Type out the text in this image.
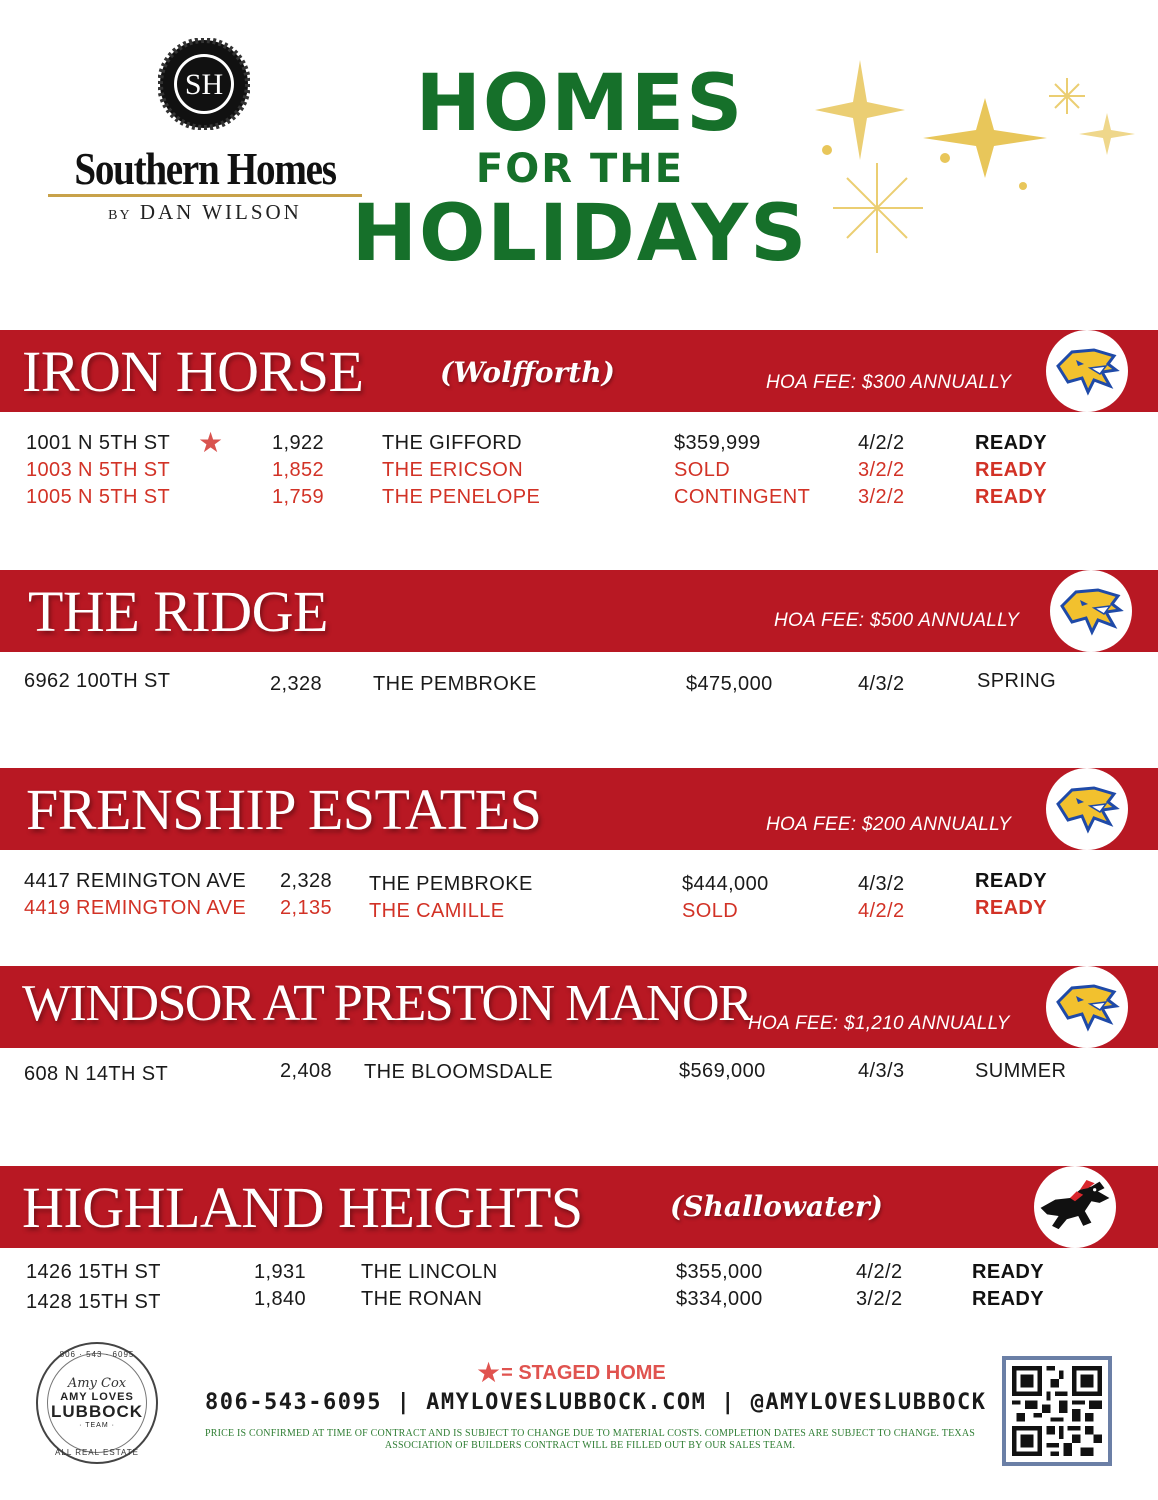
SH
Southern Homes
BY DAN WILSON
HOMES
FOR THE
HOLIDAYS
IRON HORSE	(Wolfforth)	HOA FEE: $300 ANNUALLY
1001 N 5TH ST ★ 1,922	THE GIFFORD	$359,999	4/2/2	READY
1003 N 5TH ST	1,852	THE ERICSON	SOLD	3/2/2	READY
1005 N 5TH ST	1,759	THE PENELOPE	CONTINGENT 3/2/2	READY
THE RIDGE	HOA FEE: $500 ANNUALLY
6962 100TH ST	2,328	THE PEMBROKE	$475,000	4/3/2	SPRING
FRENSHIP ESTATES	HOA FEE: $200 ANNUALLY
4417 REMINGTON AVE 2,328 THE PEMBROKE	$444,000	4/3/2	READY
4419 REMINGTON AVE 2,135 THE CAMILLE	SOLD	4/2/2	READY
WINDSOR AT PRESTON MANOR
HOA FEE: $1,210 ANNUALLY
608 N 14TH ST	2,408 THE BLOOMSDALE	$569,000	4/3/3	SUMMER
HIGHLAND HEIGHTS	(Shallowater)
1426 15TH ST	1,931	THE LINCOLN	$355,000	4/2/2	READY
1428 15TH ST	1,840	THE RONAN	$334,000	3/2/2	READY
806 · 543 · 6095
Amy Cox
AMY LOVES
LUBBOCK
· TEAM ·
ALL REAL ESTATE
★= STAGED HOME
806-543-6095 | AMYLOVESLUBBOCK.COM | @AMYLOVESLUBBOCK
PRICE IS CONFIRMED AT TIME OF CONTRACT AND IS SUBJECT TO CHANGE DUE TO MATERIAL COSTS. COMPLETION DATES ARE SUBJECT TO CHANGE. TEXAS ASSOCIATION OF BUILDERS CONTRACT WILL BE FILLED OUT BY OUR SALES TEAM.
